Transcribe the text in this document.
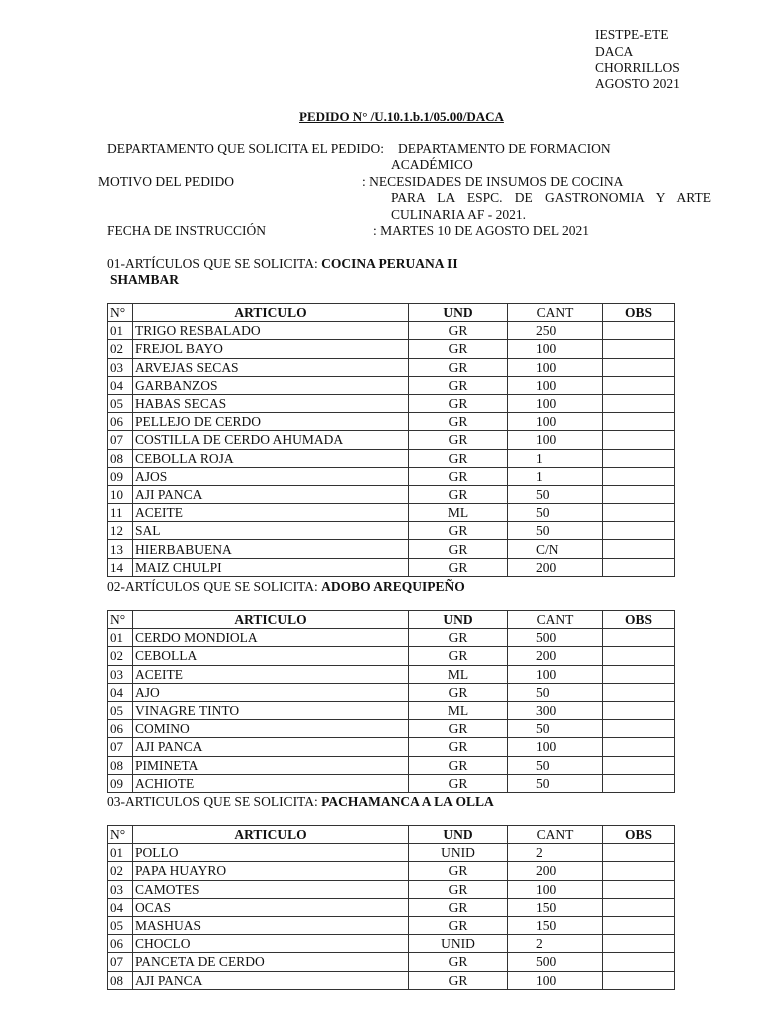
IESTPE-ETE
DACA
CHORRILLOS
AGOSTO 2021
PEDIDO N° /U.10.1.b.1/05.00/DACA
DEPARTAMENTO QUE SOLICITA EL PEDIDO: DEPARTAMENTO DE FORMACION
ACADÉMICO
MOTIVO DEL PEDIDO	: NECESIDADES DE INSUMOS DE COCINA
PARA LA ESPC. DE GASTRONOMIA Y ARTE
CULINARIA AF - 2021.
FECHA DE INSTRUCCIÓN	: MARTES 10 DE AGOSTO DEL 2021
01-ARTÍCULOS QUE SE SOLICITA: COCINA PERUANA II
SHAMBAR
N°	ARTICULO	UND	CANT	OBS
01	TRIGO RESBALADO	GR	250	
02	FREJOL BAYO	GR	100	
03	ARVEJAS SECAS	GR	100	
04	GARBANZOS	GR	100	
05	HABAS SECAS	GR	100	
06	PELLEJO DE CERDO	GR	100	
07	COSTILLA DE CERDO AHUMADA	GR	100	
08	CEBOLLA ROJA	GR	1	
09	AJOS	GR	1	
10	AJI PANCA	GR	50	
11	ACEITE	ML	50	
12	SAL	GR	50	
13	HIERBABUENA	GR	C/N	
14	MAIZ CHULPI	GR	200	
02-ARTÍCULOS QUE SE SOLICITA: ADOBO AREQUIPEÑO
N°	ARTICULO	UND	CANT	OBS
01	CERDO MONDIOLA	GR	500	
02	CEBOLLA	GR	200	
03	ACEITE	ML	100	
04	AJO	GR	50	
05	VINAGRE TINTO	ML	300	
06	COMINO	GR	50	
07	AJI PANCA	GR	100	
08	PIMINETA	GR	50	
09	ACHIOTE	GR	50	
03-ARTICULOS QUE SE SOLICITA: PACHAMANCA A LA OLLA
N°	ARTICULO	UND	CANT	OBS
01	POLLO	UNID	2	
02	PAPA HUAYRO	GR	200	
03	CAMOTES	GR	100	
04	OCAS	GR	150	
05	MASHUAS	GR	150	
06	CHOCLO	UNID	2	
07	PANCETA DE CERDO	GR	500	
08	AJI PANCA	GR	100	
